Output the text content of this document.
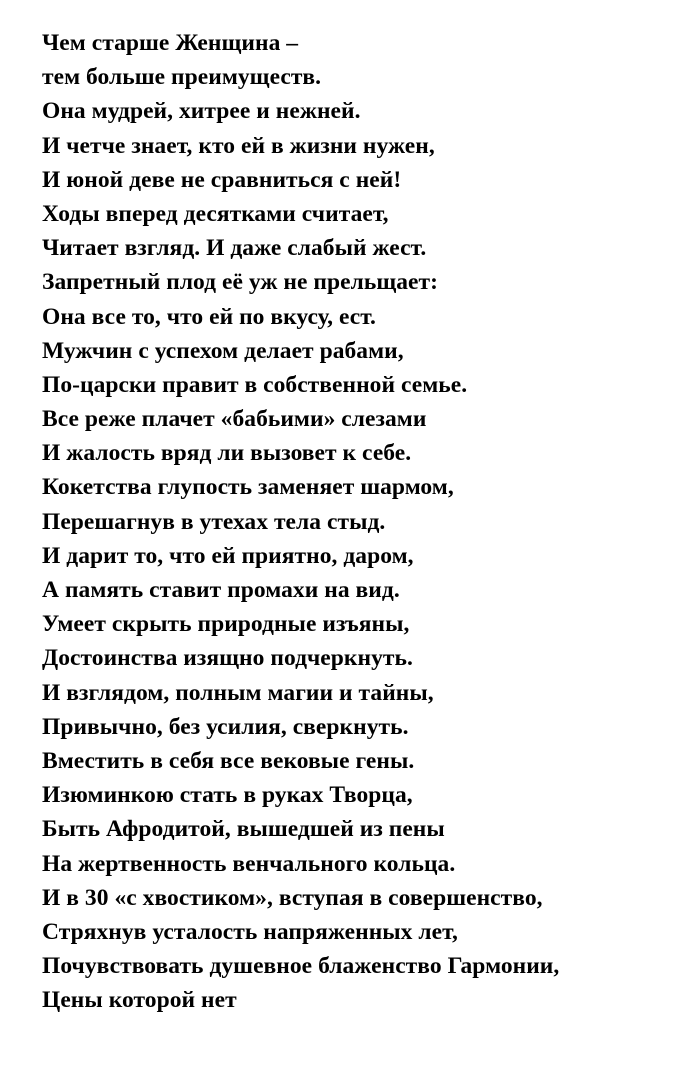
Чем старше Женщина –
тем больше преимуществ.
Она мудрей, хитрее и нежней.
И четче знает, кто ей в жизни нужен,
И юной деве не сравниться с ней!
Ходы вперед десятками считает,
Читает взгляд. И даже слабый жест.
Запретный плод её уж не прельщает:
Она все то, что ей по вкусу, ест.
Мужчин с успехом делает рабами,
По-царски правит в собственной семье.
Все реже плачет «бабьими» слезами
И жалость вряд ли вызовет к себе.
Кокетства глупость заменяет шармом,
Перешагнув в утехах тела стыд.
И дарит то, что ей приятно, даром,
А память ставит промахи на вид.
Умеет скрыть природные изъяны,
Достоинства изящно подчеркнуть.
И взглядом, полным магии и тайны,
Привычно, без усилия, сверкнуть.
Вместить в себя все вековые гены.
Изюминкою стать в руках Творца,
Быть Афродитой, вышедшей из пены
На жертвенность венчального кольца.
И в 30 «с хвостиком», вступая в совершенство,
Стряхнув усталость напряженных лет,
Почувствовать душевное блаженство Гармонии,
Цены которой нет
